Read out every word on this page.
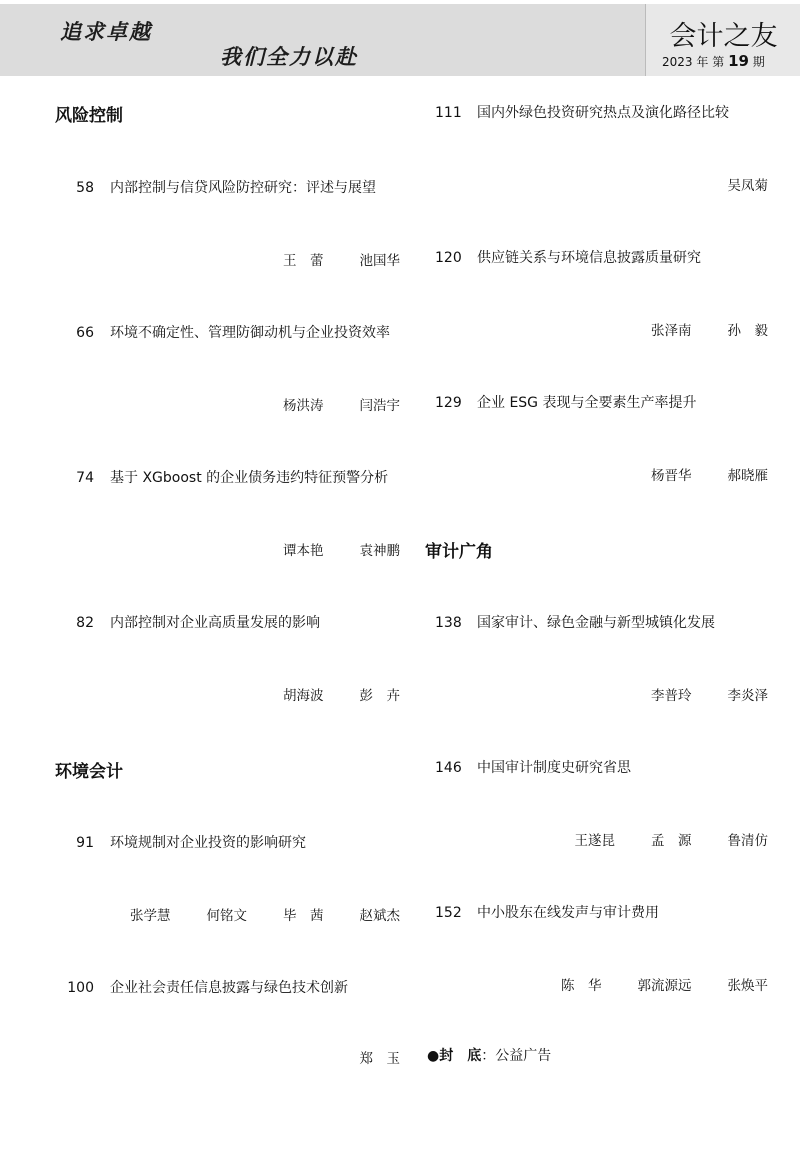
追求卓越
我们全力以赴
会计之友
2023 年 第 19 期
风险控制
58 内部控制与信贷风险防控研究：评述与展望
王　蕾	池国华
66 环境不确定性、管理防御动机与企业投资效率
杨洪涛	闫浩宇
74 基于 XGboost 的企业债务违约特征预警分析
谭本艳	袁神鹏
82 内部控制对企业高质量发展的影响
胡海波	彭　卉
环境会计
91 环境规制对企业投资的影响研究
张学慧	何铭文	毕　茜	赵斌杰
100 企业社会责任信息披露与绿色技术创新
郑　玉
111 国内外绿色投资研究热点及演化路径比较
吴凤菊
120 供应链关系与环境信息披露质量研究
张泽南	孙　毅
129 企业 ESG 表现与全要素生产率提升
杨晋华	郝晓雁
审计广角
138 国家审计、绿色金融与新型城镇化发展
李普玲	李炎泽
146 中国审计制度史研究省思
王遂昆	孟　源	鲁清仿
152 中小股东在线发声与审计费用
陈　华	郭流源远	张焕平
●封　底：公益广告
